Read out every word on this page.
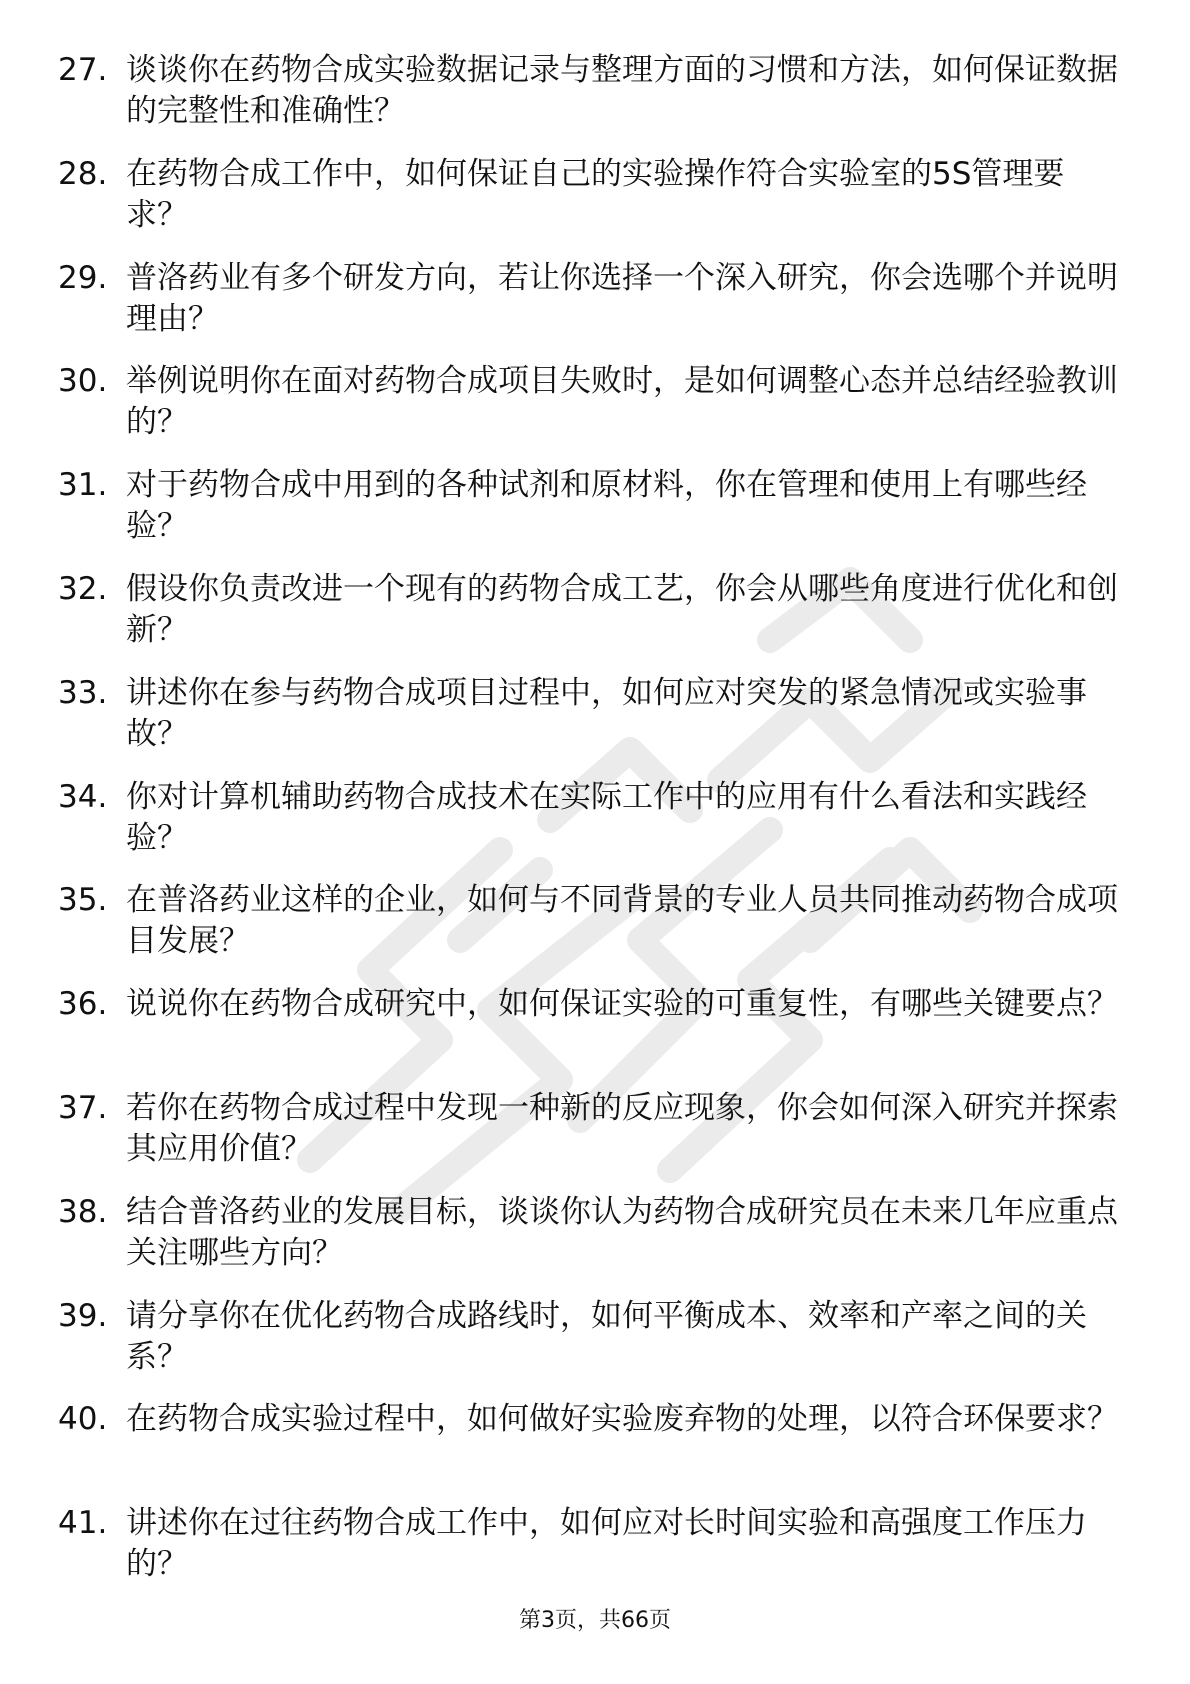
27. 谈谈你在药物合成实验数据记录与整理方面的习惯和方法，如何保证数据的完整性和准确性？
28. 在药物合成工作中，如何保证自己的实验操作符合实验室的5S管理要求？
29. 普洛药业有多个研发方向，若让你选择一个深入研究，你会选哪个并说明理由？
30. 举例说明你在面对药物合成项目失败时，是如何调整心态并总结经验教训的？
31. 对于药物合成中用到的各种试剂和原材料，你在管理和使用上有哪些经验？
32. 假设你负责改进一个现有的药物合成工艺，你会从哪些角度进行优化和创新？
33. 讲述你在参与药物合成项目过程中，如何应对突发的紧急情况或实验事故？
34. 你对计算机辅助药物合成技术在实际工作中的应用有什么看法和实践经验？
35. 在普洛药业这样的企业，如何与不同背景的专业人员共同推动药物合成项目发展？
36. 说说你在药物合成研究中，如何保证实验的可重复性，有哪些关键要点？
37. 若你在药物合成过程中发现一种新的反应现象，你会如何深入研究并探索其应用价值？
38. 结合普洛药业的发展目标，谈谈你认为药物合成研究员在未来几年应重点关注哪些方向？
39. 请分享你在优化药物合成路线时，如何平衡成本、效率和产率之间的关系？
40. 在药物合成实验过程中，如何做好实验废弃物的处理，以符合环保要求？
41. 讲述你在过往药物合成工作中，如何应对长时间实验和高强度工作压力的？
第3页，共66页
